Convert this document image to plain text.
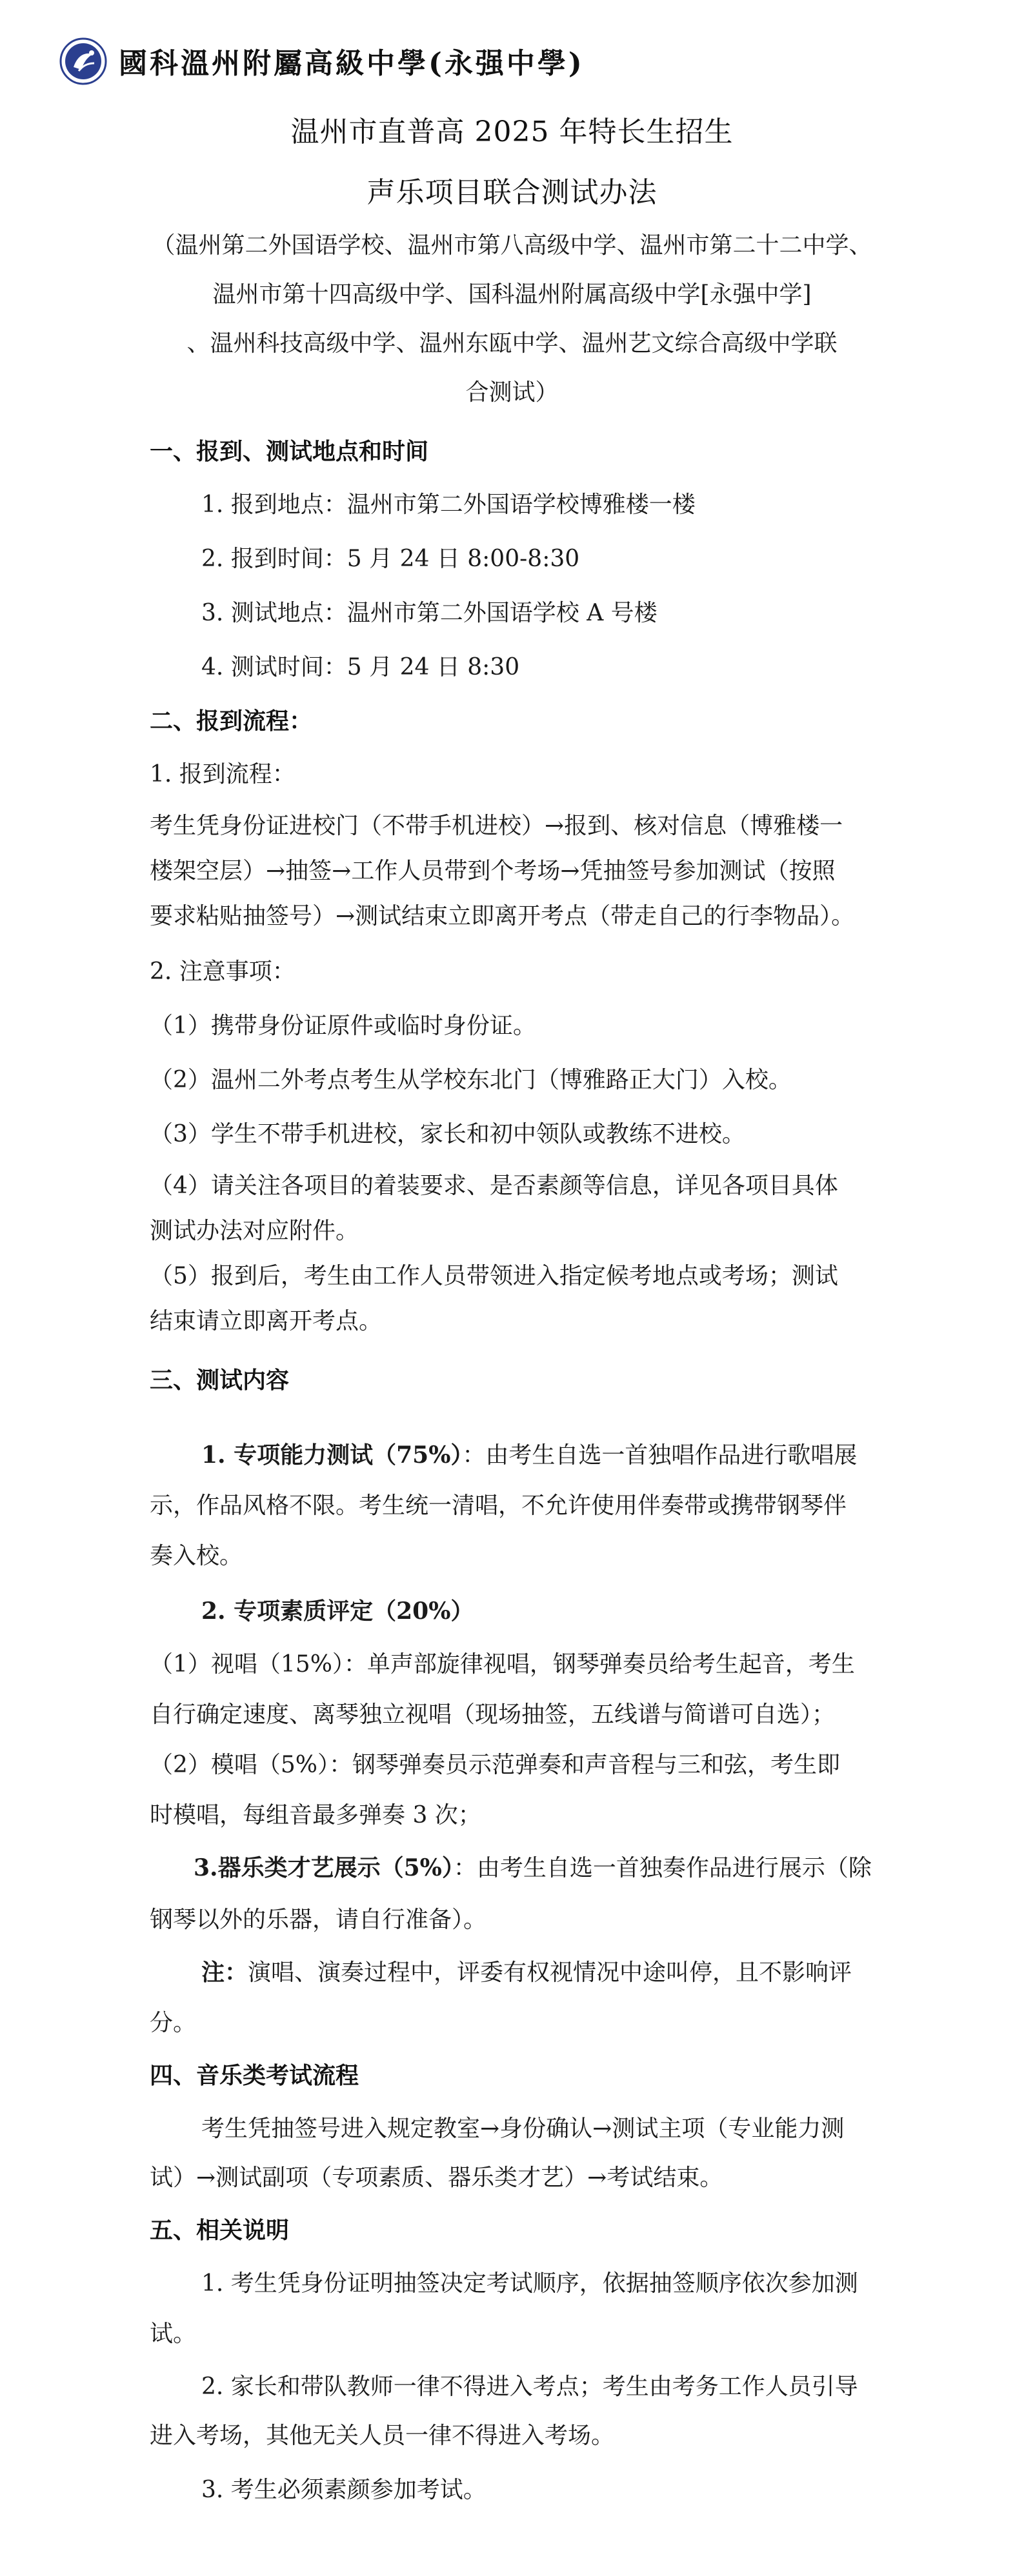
國科溫州附屬高級中學(永强中學)
温州市直普高 2025 年特长生招生
声乐项目联合测试办法
（温州第二外国语学校、温州市第八高级中学、温州市第二十二中学、
温州市第十四高级中学、国科温州附属高级中学[永强中学]
、温州科技高级中学、温州东瓯中学、温州艺文综合高级中学联
合测试）
一、报到、测试地点和时间
1. 报到地点：温州市第二外国语学校博雅楼一楼
2. 报到时间：5 月 24 日 8:00-8:30
3. 测试地点：温州市第二外国语学校 A 号楼
4. 测试时间：5 月 24 日 8:30
二、报到流程：
1. 报到流程：
考生凭身份证进校门（不带手机进校）→报到、核对信息（博雅楼一
楼架空层）→抽签→工作人员带到个考场→凭抽签号参加测试（按照
要求粘贴抽签号）→测试结束立即离开考点（带走自己的行李物品）。
2. 注意事项：
（1）携带身份证原件或临时身份证。
（2）温州二外考点考生从学校东北门（博雅路正大门）入校。
（3）学生不带手机进校，家长和初中领队或教练不进校。
（4）请关注各项目的着装要求、是否素颜等信息，详见各项目具体
测试办法对应附件。
（5）报到后，考生由工作人员带领进入指定候考地点或考场；测试
结束请立即离开考点。
三、测试内容
1. 专项能力测试（75%）：由考生自选一首独唱作品进行歌唱展
示，作品风格不限。考生统一清唱，不允许使用伴奏带或携带钢琴伴
奏入校。
2. 专项素质评定（20%）
（1）视唱（15%）：单声部旋律视唱，钢琴弹奏员给考生起音，考生
自行确定速度、离琴独立视唱（现场抽签，五线谱与简谱可自选）；
（2）模唱（5%）：钢琴弹奏员示范弹奏和声音程与三和弦，考生即
时模唱，每组音最多弹奏 3 次；
3.器乐类才艺展示（5%）：由考生自选一首独奏作品进行展示（除
钢琴以外的乐器，请自行准备）。
注：演唱、演奏过程中，评委有权视情况中途叫停，且不影响评
分。
四、音乐类考试流程
考生凭抽签号进入规定教室→身份确认→测试主项（专业能力测
试）→测试副项（专项素质、器乐类才艺）→考试结束。
五、相关说明
1. 考生凭身份证明抽签决定考试顺序，依据抽签顺序依次参加测
试。
2. 家长和带队教师一律不得进入考点；考生由考务工作人员引导
进入考场，其他无关人员一律不得进入考场。
3. 考生必须素颜参加考试。
